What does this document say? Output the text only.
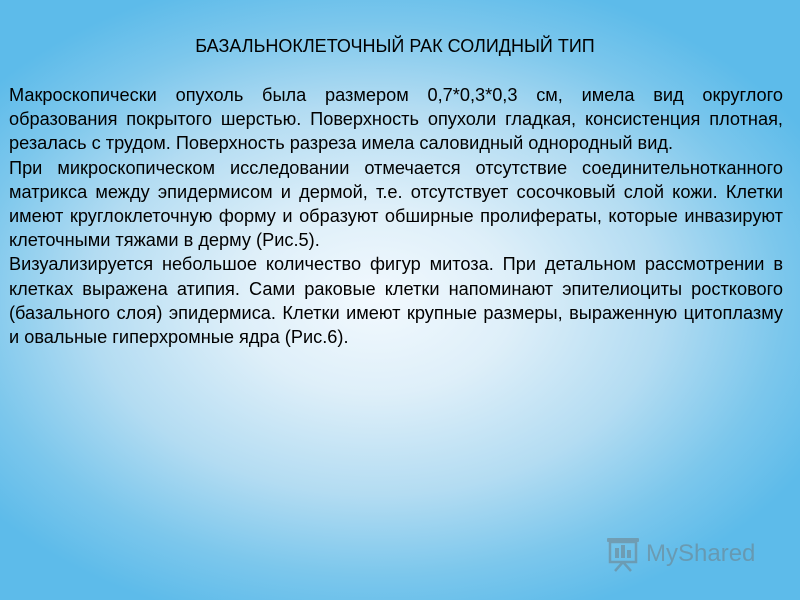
БАЗАЛЬНОКЛЕТОЧНЫЙ РАК СОЛИДНЫЙ ТИП

Макроскопически опухоль была размером 0,7*0,3*0,3 см, имела вид округлого образования покрытого шерстью. Поверхность опухоли гладкая, консистенция плотная, резалась с трудом. Поверхность разреза имела саловидный однородный вид.

При микроскопическом исследовании отмечается отсутствие соединительнотканного матрикса между эпидермисом и дермой, т.е. отсутствует сосочковый слой кожи. Клетки имеют круглоклеточную форму и образуют обширные пролифераты, которые инвазируют клеточными тяжами в дерму (Рис.5).

Визуализируется небольшое количество фигур митоза. При детальном рассмотрении в клетках выражена атипия. Сами раковые клетки напоминают эпителиоциты росткового (базального слоя) эпидермиса. Клетки имеют крупные размеры, выраженную цитоплазму и овальные гиперхромные ядра (Рис.6).

MyShared
